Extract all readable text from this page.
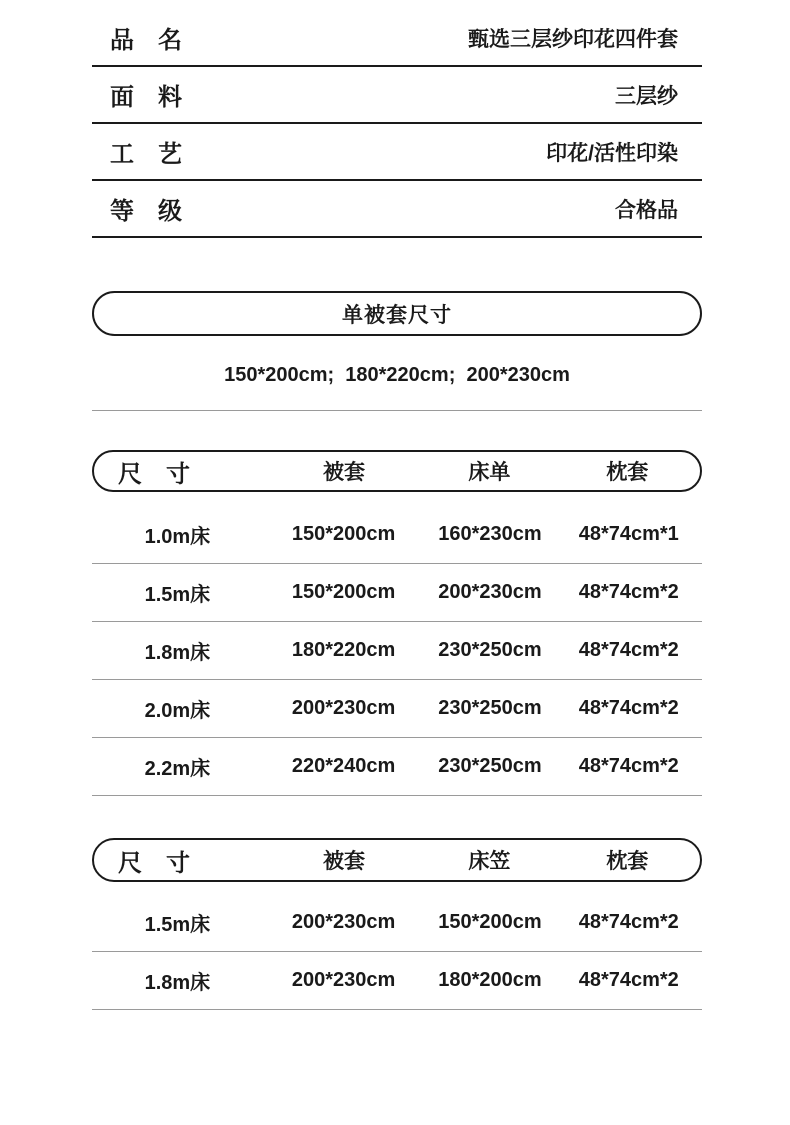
品　名	甄选三层纱印花四件套
面　料	三层纱
工　艺	印花/活性印染
等　级	合格品
单被套尺寸
150*200cm;  180*220cm;  200*230cm
尺　寸	被套	床单	枕套
1.0m床	150*200cm	160*230cm	48*74cm*1
1.5m床	150*200cm	200*230cm	48*74cm*2
1.8m床	180*220cm	230*250cm	48*74cm*2
2.0m床	200*230cm	230*250cm	48*74cm*2
2.2m床	220*240cm	230*250cm	48*74cm*2
尺　寸	被套	床笠	枕套
1.5m床	200*230cm	150*200cm	48*74cm*2
1.8m床	200*230cm	180*200cm	48*74cm*2
